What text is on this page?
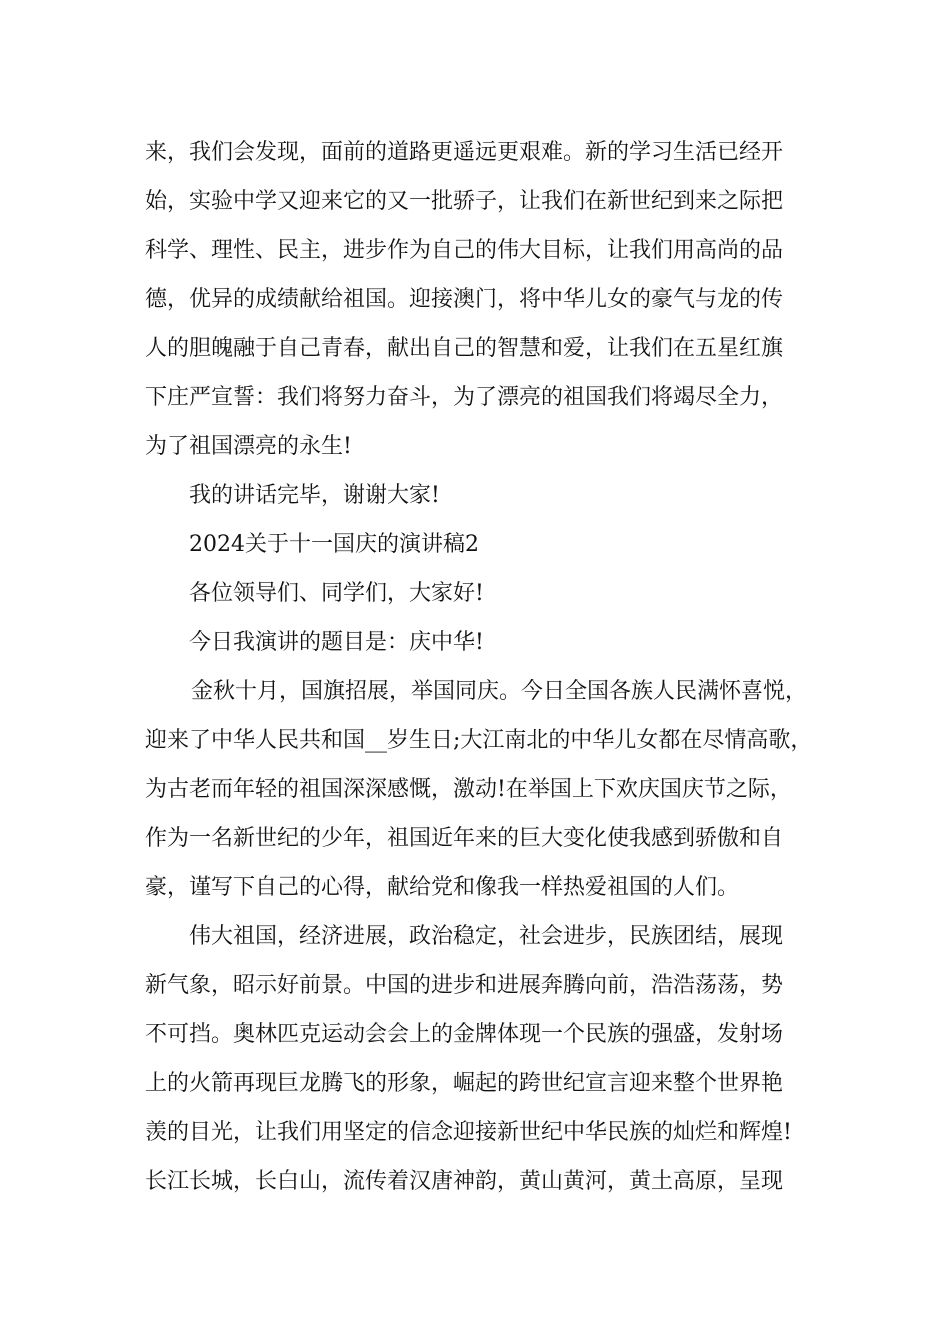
来，我们会发现，面前的道路更遥远更艰难。新的学习生活已经开
始，实验中学又迎来它的又一批骄子，让我们在新世纪到来之际把
科学、理性、民主，进步作为自己的伟大目标，让我们用高尚的品
德，优异的成绩献给祖国。迎接澳门，将中华儿女的豪气与龙的传
人的胆魄融于自己青春，献出自己的智慧和爱，让我们在五星红旗
下庄严宣誓：我们将努力奋斗，为了漂亮的祖国我们将竭尽全力，
为了祖国漂亮的永生!
我的讲话完毕，谢谢大家!
2024关于十一国庆的演讲稿2
各位领导们、同学们，大家好!
今日我演讲的题目是：庆中华!
金秋十月，国旗招展，举国同庆。今日全国各族人民满怀喜悦，
迎来了中华人民共和国__岁生日;大江南北的中华儿女都在尽情高歌，
为古老而年轻的祖国深深感慨，激动!在举国上下欢庆国庆节之际，
作为一名新世纪的少年，祖国近年来的巨大变化使我感到骄傲和自
豪，谨写下自己的心得，献给党和像我一样热爱祖国的人们。
伟大祖国，经济进展，政治稳定，社会进步，民族团结，展现
新气象，昭示好前景。中国的进步和进展奔腾向前，浩浩荡荡，势
不可挡。奥林匹克运动会会上的金牌体现一个民族的强盛，发射场
上的火箭再现巨龙腾飞的形象，崛起的跨世纪宣言迎来整个世界艳
羡的目光，让我们用坚定的信念迎接新世纪中华民族的灿烂和辉煌!
长江长城，长白山，流传着汉唐神韵，黄山黄河，黄土高原，呈现
